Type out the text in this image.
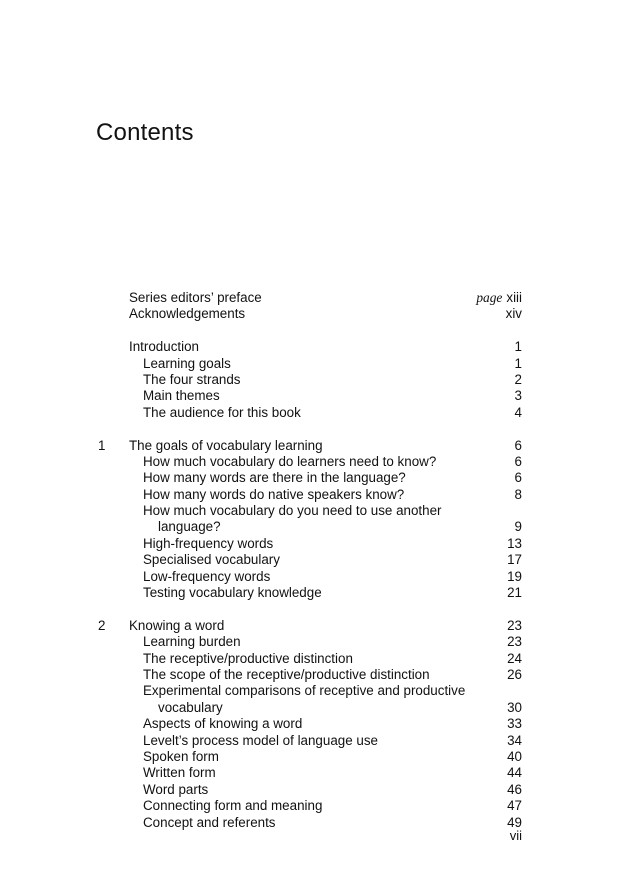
Contents
Series editors’ preface	page xiii
Acknowledgements	xiv
Introduction	1
Learning goals	1
The four strands	2
Main themes	3
The audience for this book	4
1 The goals of vocabulary learning	6
How much vocabulary do learners need to know?	6
How many words are there in the language?	6
How many words do native speakers know?	8
How much vocabulary do you need to use another
language?	9
High-frequency words	13
Specialised vocabulary	17
Low-frequency words	19
Testing vocabulary knowledge	21
2 Knowing a word	23
Learning burden	23
The receptive/productive distinction	24
The scope of the receptive/productive distinction	26
Experimental comparisons of receptive and productive
vocabulary	30
Aspects of knowing a word	33
Levelt’s process model of language use	34
Spoken form	40
Written form	44
Word parts	46
Connecting form and meaning	47
Concept and referents	49
vii
